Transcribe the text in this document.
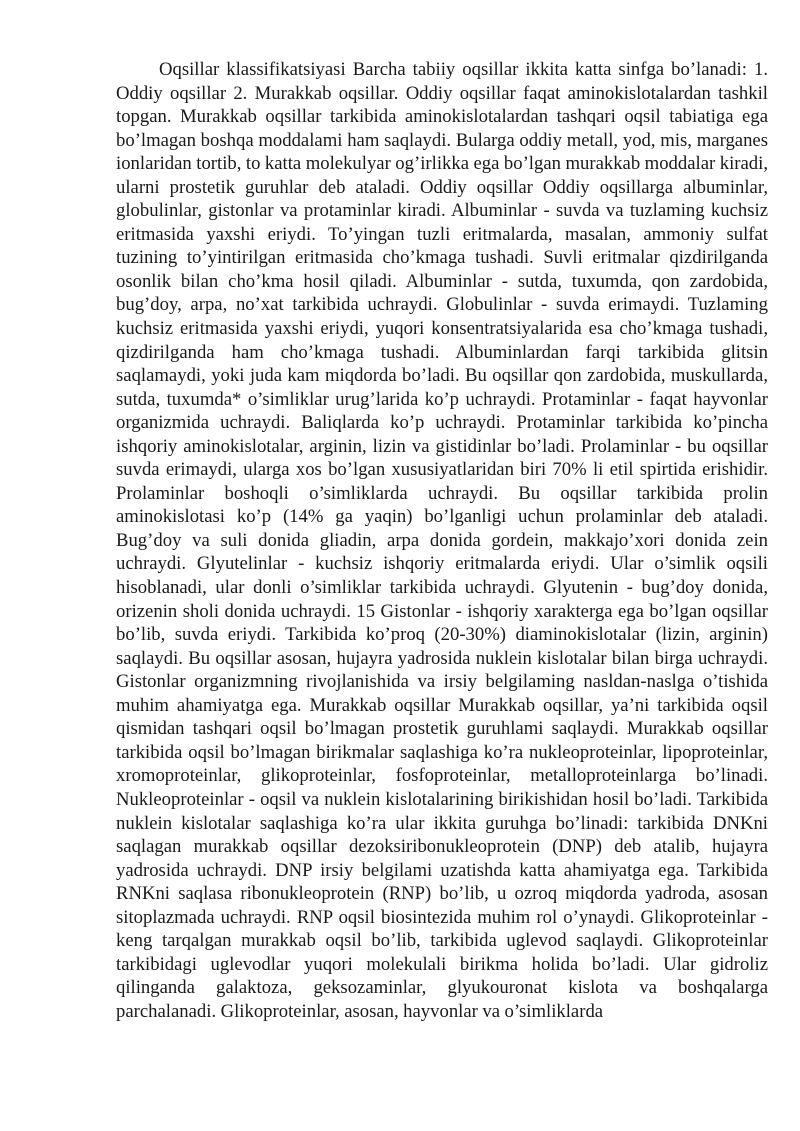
Oqsillar klassifikatsiyasi Barcha tabiiy oqsillar ikkita katta sinfga bo’lanadi: 1. Oddiy oqsillar 2. Murakkab oqsillar. Oddiy oqsillar faqat aminokislotalardan tashkil topgan. Murakkab oqsillar tarkibida aminokislotalardan tashqari oqsil tabiatiga ega bo’lmagan boshqa moddalami ham saqlaydi. Bularga oddiy metall, yod, mis, marganes ionlaridan tortib, to katta molekulyar og’irlikka ega bo’lgan murakkab moddalar kiradi, ularni prostetik guruhlar deb ataladi. Oddiy oqsillar Oddiy oqsillarga albuminlar, globulinlar, gistonlar va protaminlar kiradi. Albuminlar - suvda va tuzlaming kuchsiz eritmasida yaxshi eriydi. To’yingan tuzli eritmalarda, masalan, ammoniy sulfat tuzining to’yintirilgan eritmasida cho’kmaga tushadi. Suvli eritmalar qizdirilganda osonlik bilan cho’kma hosil qiladi. Albuminlar - sutda, tuxumda, qon zardobida, bug’doy, arpa, no’xat tarkibida uchraydi. Globulinlar - suvda erimaydi. Tuzlaming kuchsiz eritmasida yaxshi eriydi, yuqori konsentratsiyalarida esa cho’kmaga tushadi, qizdirilganda ham cho’kmaga tushadi. Albuminlardan farqi tarkibida glitsin saqlamaydi, yoki juda kam miqdorda bo’ladi. Bu oqsillar qon zardobida, muskullarda, sutda, tuxumda* o’simliklar urug’larida ko’p uchraydi. Protaminlar - faqat hayvonlar organizmida uchraydi. Baliqlarda ko’p uchraydi. Protaminlar tarkibida ko’pincha ishqoriy aminokislotalar, arginin, lizin va gistidinlar bo’ladi. Prolaminlar - bu oqsillar suvda erimaydi, ularga xos bo’lgan xususiyatlaridan biri 70% li etil spirtida erishidir. Prolaminlar boshoqli o’simliklarda uchraydi. Bu oqsillar tarkibida prolin aminokislotasi ko’p (14% ga yaqin) bo’lganligi uchun prolaminlar deb ataladi. Bug’doy va suli donida gliadin, arpa donida gordein, makkajo’xori donida zein uchraydi. Glyutelinlar - kuchsiz ishqoriy eritmalarda eriydi. Ular o’simlik oqsili hisoblanadi, ular donli o’simliklar tarkibida uchraydi. Glyutenin - bug’doy donida, orizenin sholi donida uchraydi. 15 Gistonlar - ishqoriy xarakterga ega bo’lgan oqsillar bo’lib, suvda eriydi. Tarkibida ko’proq (20-30%) diaminokislotalar (lizin, arginin) saqlaydi. Bu oqsillar asosan, hujayra yadrosida nuklein kislotalar bilan birga uchraydi. Gistonlar organizmning rivojlanishida va irsiy belgilaming nasldan-naslga o’tishida muhim ahamiyatga ega. Murakkab oqsillar Murakkab oqsillar, ya’ni tarkibida oqsil qismidan tashqari oqsil bo’lmagan prostetik guruhlami saqlaydi. Murakkab oqsillar tarkibida oqsil bo’lmagan birikmalar saqlashiga ko’ra nukleoproteinlar, lipoproteinlar, xromoproteinlar, glikoproteinlar, fosfoproteinlar, metalloproteinlarga bo’linadi. Nukleoproteinlar - oqsil va nuklein kislotalarining birikishidan hosil bo’ladi. Tarkibida nuklein kislotalar saqlashiga ko’ra ular ikkita guruhga bo’linadi: tarkibida DNKni saqlagan murakkab oqsillar dezoksiribonukleoprotein (DNP) deb atalib, hujayra yadrosida uchraydi. DNP irsiy belgilami uzatishda katta ahamiyatga ega. Tarkibida RNKni saqlasa ribonukleoprotein (RNP) bo’lib, u ozroq miqdorda yadroda, asosan sitoplazmada uchraydi. RNP oqsil biosintezida muhim rol o’ynaydi. Glikoproteinlar - keng tarqalgan murakkab oqsil bo’lib, tarkibida uglevod saqlaydi. Glikoproteinlar tarkibidagi uglevodlar yuqori molekulali birikma holida bo’ladi. Ular gidroliz qilinganda galaktoza, geksozaminlar, glyukouronat kislota va boshqalarga parchalanadi. Glikoproteinlar, asosan, hayvonlar va o’simliklarda
